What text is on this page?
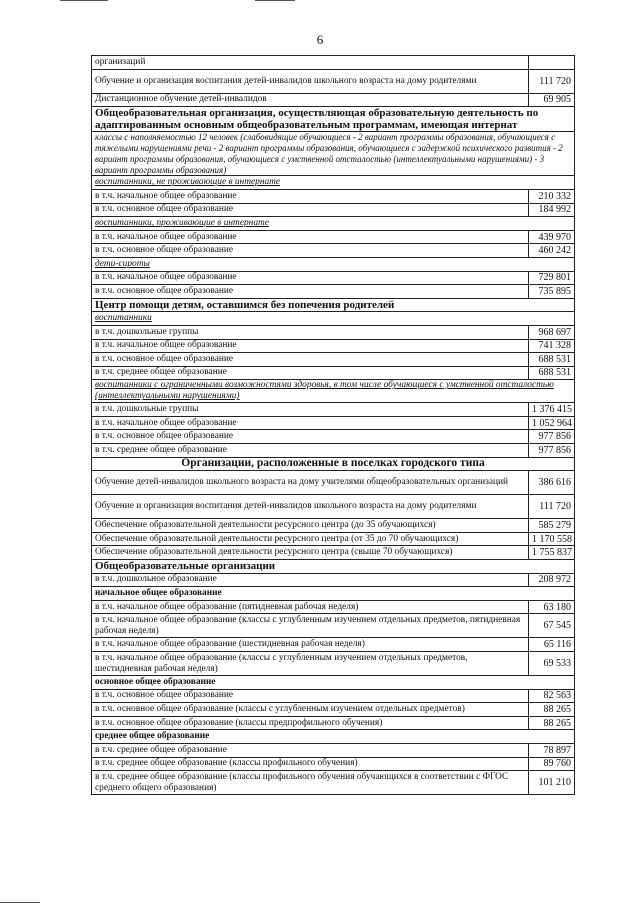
6
организаций	
Обучение и организация воспитания детей-инвалидов школьного возраста на дому родителями	111 720
Дистанционное обучение детей-инвалидов	69 905
Общеобразовательная организация, осуществляющая образовательную деятельность по адаптированным основным общеобразовательным программам, имеющая интернат	
классы с наполняемостью 12 человек (слабовидящие обучающиеся - 2 вариант программы образования, обучающиеся с тяжелыми нарушениями речи - 2 вариант программы образования, обучающиеся с задержкой психического развития - 2 вариант программы образования, обучающиеся с умственной отсталостью (интеллектуальными нарушениями) - 3 вариант программы образования)	
воспитанники, не проживающие в интернате	
в т.ч. начальное общее образование	210 332
в т.ч. основное общее образование	184 992
воспитанники, проживающие в интернате	
в т.ч. начальное общее образование	439 970
в т.ч. основное общее образование	460 242
дети-сироты	
в т.ч. начальное общее образование	729 801
в т.ч. основное общее образование	735 895
Центр помощи детям, оставшимся без попечения родителей	
воспитанники	
в т.ч. дошкольные группы	968 697
в т.ч. начальное общее образование	741 328
в т.ч. основное общее образование	688 531
в т.ч. среднее общее образование	688 531
воспитанники с ограниченными возможностями здоровья, в том числе обучающиеся с умственной отсталостью (интеллектуальными нарушениями)	
в т.ч. дошкольные группы	1 376 415
в т.ч. начальное общее образование	1 052 964
в т.ч. основное общее образование	977 856
в т.ч. среднее общее образование	977 856
Организации, расположенные в поселках городского типа	
Обучение детей-инвалидов школьного возраста на дому учителями общеобразовательных организаций	386 616
Обучение и организация воспитания детей-инвалидов школьного возраста на дому родителями	111 720
Обеспечение образовательной деятельности ресурсного центра (до 35 обучающихся)	585 279
Обеспечение образовательной деятельности ресурсного центра (от 35 до 70 обучающихся)	1 170 558
Обеспечение образовательной деятельности ресурсного центра (свыше 70 обучающихся)	1 755 837
Общеобразовательные организации	
в т.ч. дошкольное образование	208 972
начальное общее образование	
в т.ч. начальное общее образование (пятидневная рабочая неделя)	63 180
в т.ч. начальное общее образование (классы с углубленным изучением отдельных предметов, пятидневная рабочая неделя)	67 545
в т.ч. начальное общее образование (шестидневная рабочая неделя)	65 116
в т.ч. начальное общее образование (классы с углубленным изучением отдельных предметов, шестидневная рабочая неделя)	69 533
основное общее образование	
в т.ч. основное общее образование	82 563
в т.ч. основное общее образование (классы с углубленным изучением отдельных предметов)	88 265
в т.ч. основное общее образование (классы предпрофильного обучения)	88 265
среднее общее образование	
в т.ч. среднее общее образование	78 897
в т.ч. среднее общее образование (классы профильного обучения)	89 760
в т.ч. среднее общее образование (классы профильного обучения обучающихся в соответствии с ФГОС среднего общего образования)	101 210
